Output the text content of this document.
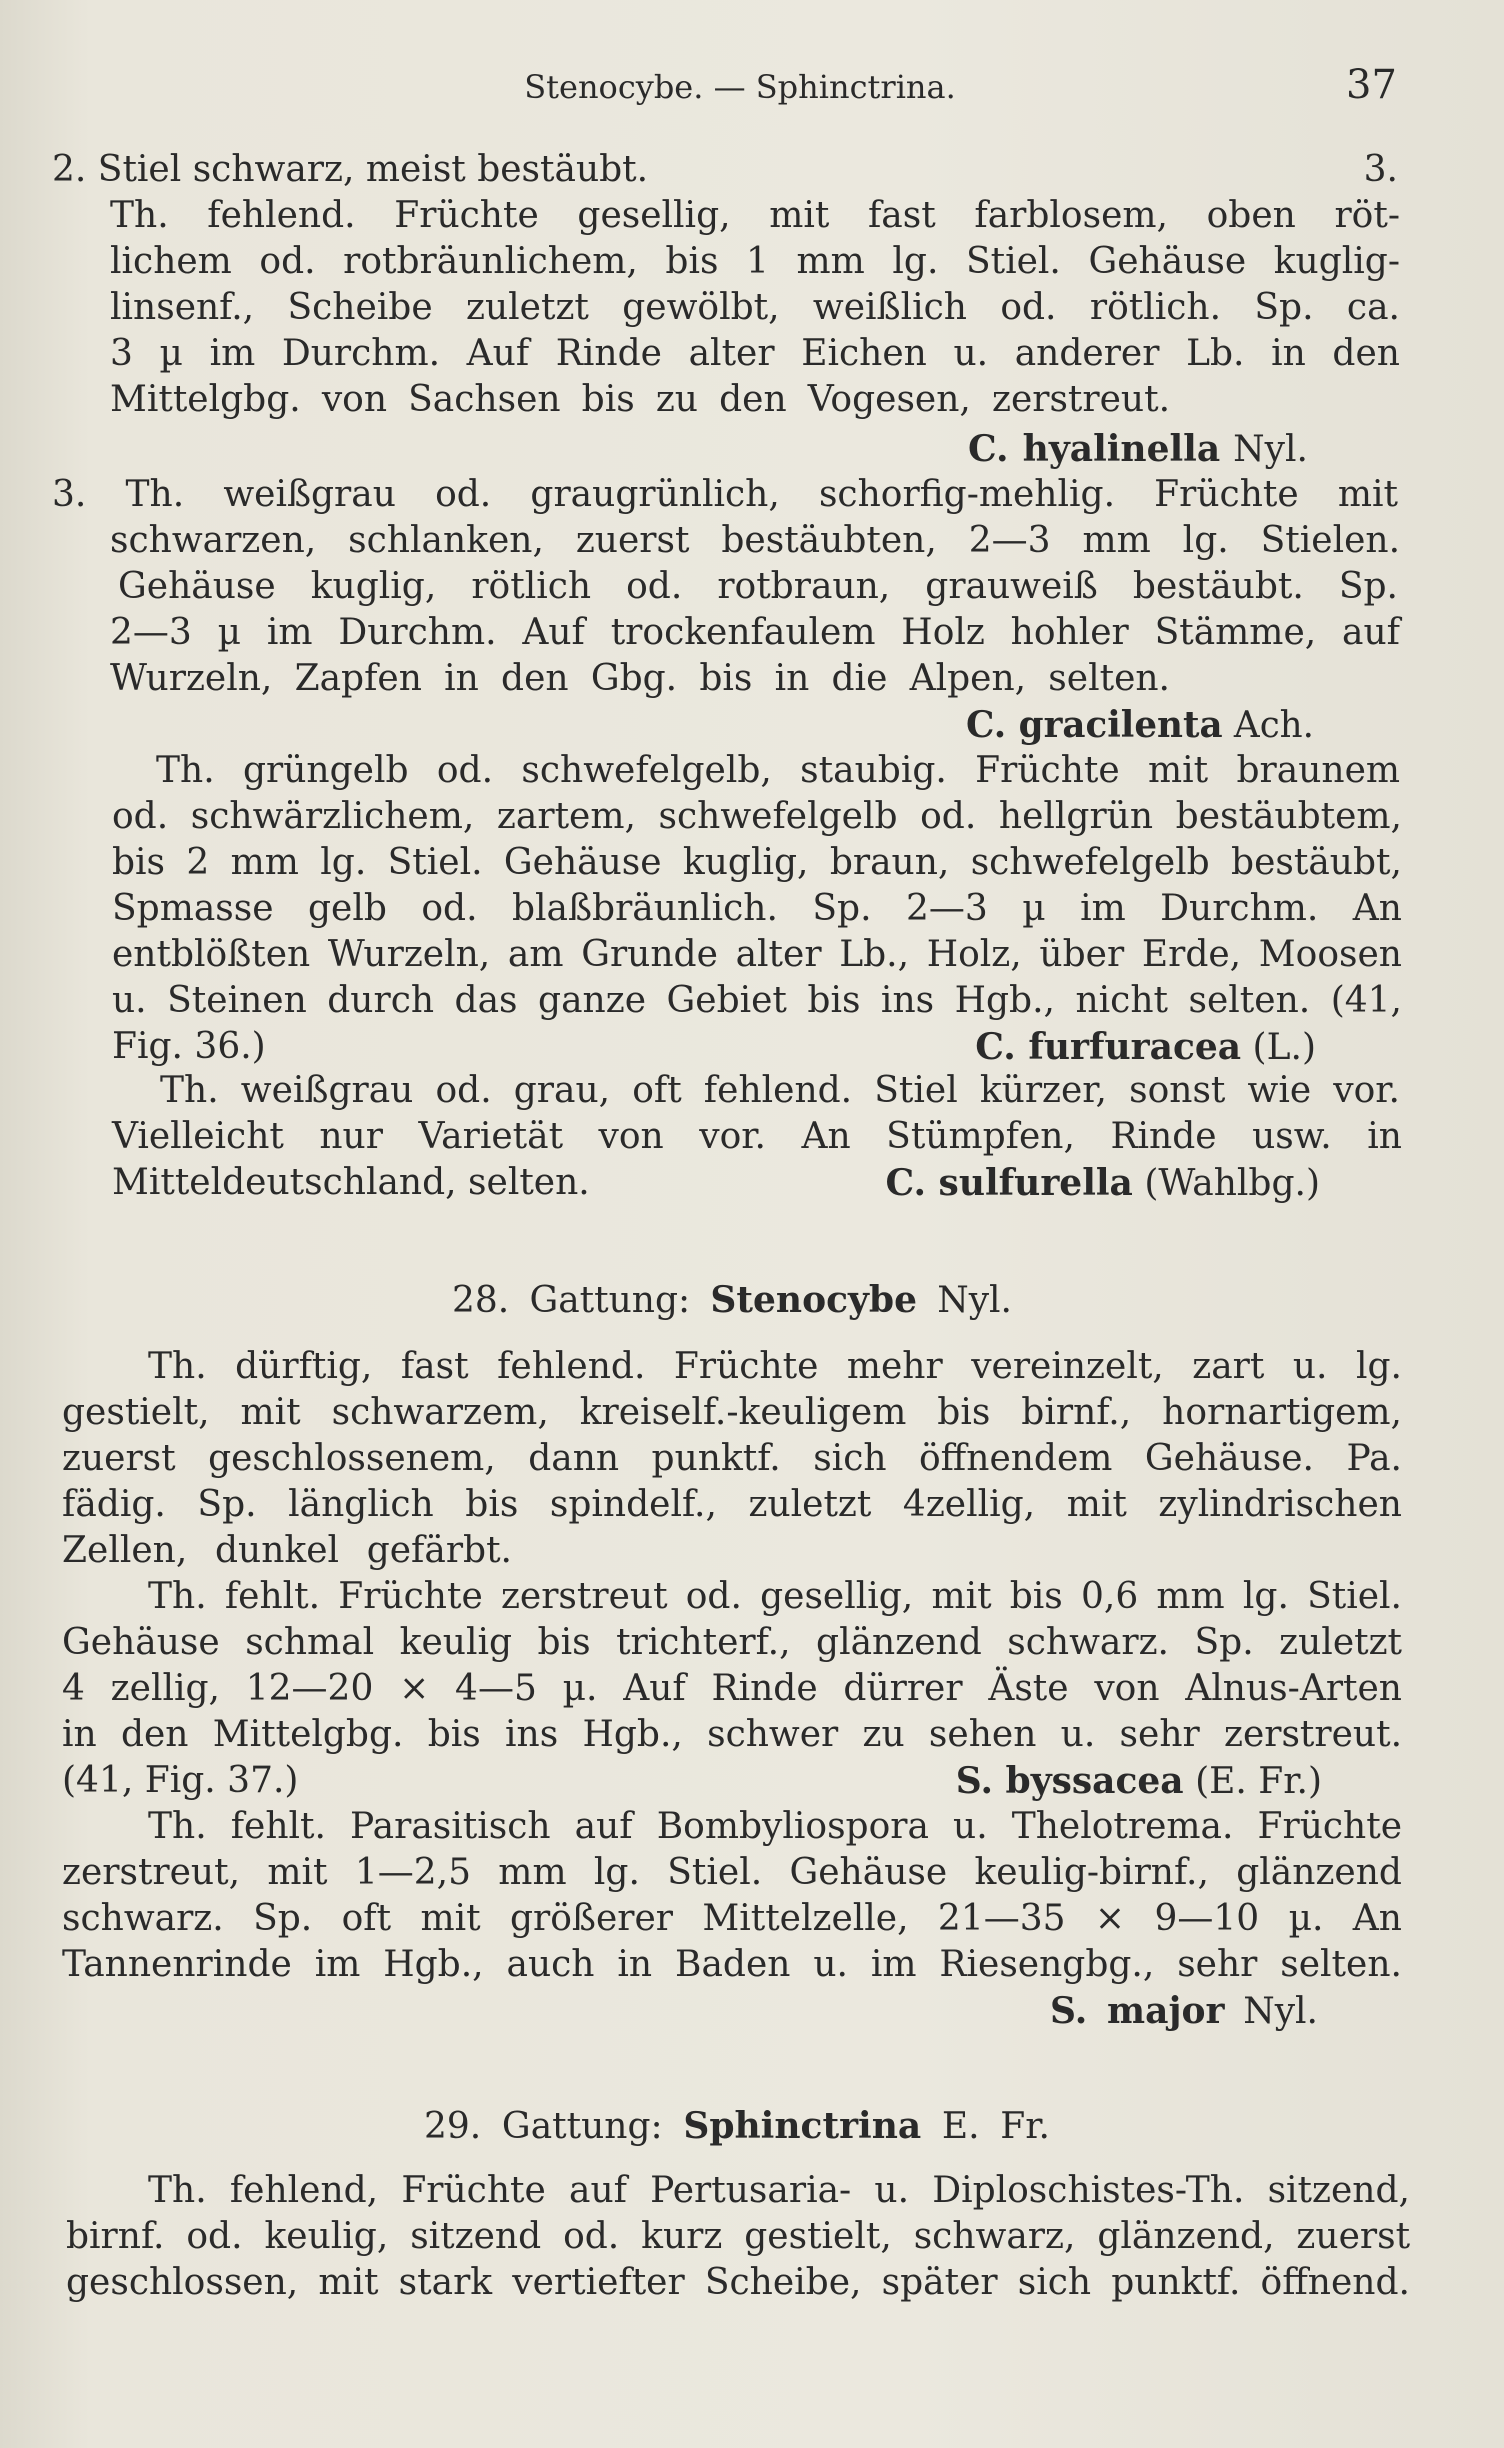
Stenocybe. — Sphinctrina.	37
2. Stiel schwarz, meist bestäubt.	3.
Th. fehlend. Früchte gesellig, mit fast farblosem, oben röt-
lichem od. rotbräunlichem, bis 1 mm lg. Stiel. Gehäuse kuglig-
linsenf., Scheibe zuletzt gewölbt, weißlich od. rötlich. Sp. ca.
3 µ im Durchm. Auf Rinde alter Eichen u. anderer Lb. in den
Mittelgbg. von Sachsen bis zu den Vogesen, zerstreut.
C. hyalinella Nyl.
3. Th. weißgrau od. graugrünlich, schorfig-mehlig. Früchte mit
schwarzen, schlanken, zuerst bestäubten, 2—3 mm lg. Stielen.
Gehäuse kuglig, rötlich od. rotbraun, grauweiß bestäubt. Sp.
2—3 µ im Durchm. Auf trockenfaulem Holz hohler Stämme, auf
Wurzeln, Zapfen in den Gbg. bis in die Alpen, selten.
C. gracilenta Ach.
Th. grüngelb od. schwefelgelb, staubig. Früchte mit braunem
od. schwärzlichem, zartem, schwefelgelb od. hellgrün bestäubtem,
bis 2 mm lg. Stiel. Gehäuse kuglig, braun, schwefelgelb bestäubt,
Spmasse gelb od. blaßbräunlich. Sp. 2—3 µ im Durchm. An
entblößten Wurzeln, am Grunde alter Lb., Holz, über Erde, Moosen
u. Steinen durch das ganze Gebiet bis ins Hgb., nicht selten. (41,
Fig. 36.)	C. furfuracea (L.)
Th. weißgrau od. grau, oft fehlend. Stiel kürzer, sonst wie vor.
Vielleicht nur Varietät von vor. An Stümpfen, Rinde usw. in
Mitteldeutschland, selten.	C. sulfurella (Wahlbg.)
28. Gattung: Stenocybe Nyl.
Th. dürftig, fast fehlend. Früchte mehr vereinzelt, zart u. lg.
gestielt, mit schwarzem, kreiself.-keuligem bis birnf., hornartigem,
zuerst geschlossenem, dann punktf. sich öffnendem Gehäuse. Pa.
fädig. Sp. länglich bis spindelf., zuletzt 4zellig, mit zylindrischen
Zellen, dunkel gefärbt.
Th. fehlt. Früchte zerstreut od. gesellig, mit bis 0,6 mm lg. Stiel.
Gehäuse schmal keulig bis trichterf., glänzend schwarz. Sp. zuletzt
4 zellig, 12—20 × 4—5 µ. Auf Rinde dürrer Äste von Alnus-Arten
in den Mittelgbg. bis ins Hgb., schwer zu sehen u. sehr zerstreut.
(41, Fig. 37.)	S. byssacea (E. Fr.)
Th. fehlt. Parasitisch auf Bombyliospora u. Thelotrema. Früchte
zerstreut, mit 1—2,5 mm lg. Stiel. Gehäuse keulig-birnf., glänzend
schwarz. Sp. oft mit größerer Mittelzelle, 21—35 × 9—10 µ. An
Tannenrinde im Hgb., auch in Baden u. im Riesengbg., sehr selten.
S. major Nyl.
29. Gattung: Sphinctrina E. Fr.
Th. fehlend, Früchte auf Pertusaria- u. Diploschistes-Th. sitzend,
birnf. od. keulig, sitzend od. kurz gestielt, schwarz, glänzend, zuerst
geschlossen, mit stark vertiefter Scheibe, später sich punktf. öffnend.
